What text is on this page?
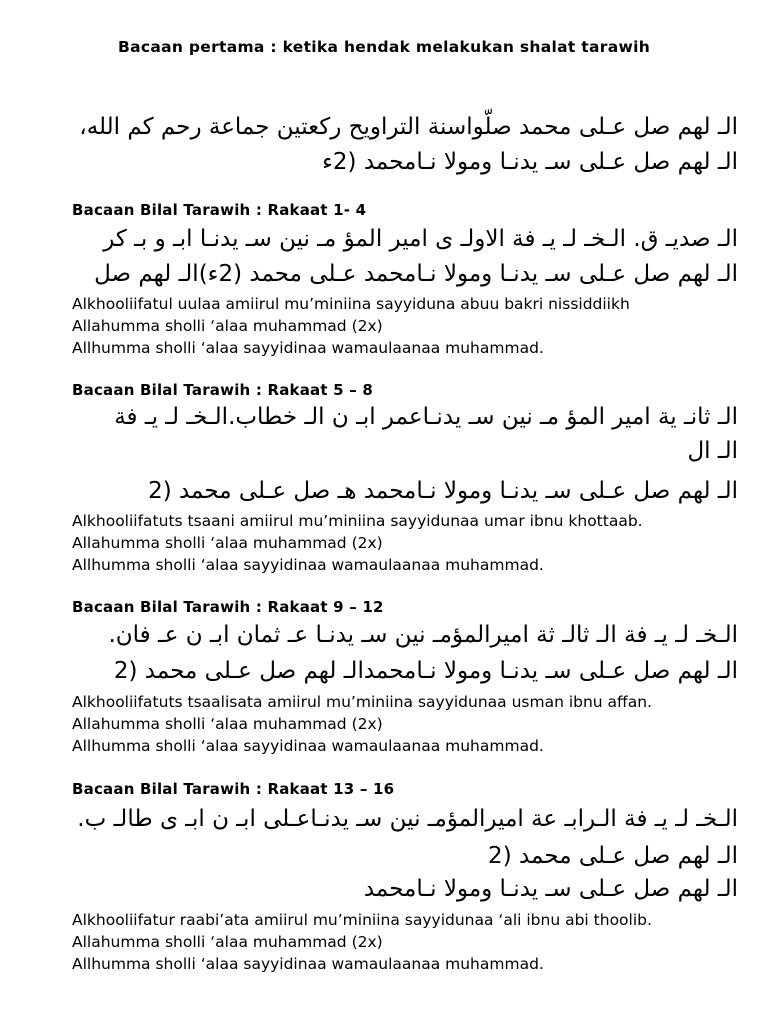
Bacaan pertama : ketika hendak melakukan shalat tarawih
الـ لهم صل عـلى محمد صلّواسنة التراويح ركعتين جماعة رحم كم الله،
الـ لهم صل عـلى سـ يدنـا ومولا نـامحمد (2ء
Bacaan Bilal Tarawih : Rakaat 1- 4
الـ صديـ ق. الـخـ لـ يـ فة الاولـ ى امير المؤ مـ نين سـ يدنـا ابـ و بـ كر
الـ لهم صل عـلى سـ يدنـا ومولا نـامحمد عـلى محمد (2ء)الـ لهم صل
Alkhooliifatul uulaa amiirul mu’miniina sayyiduna abuu bakri nissiddiikh
Allahumma sholli ‘alaa muhammad (2x)
Allhumma sholli ‘alaa sayyidinaa wamaulaanaa muhammad.
Bacaan Bilal Tarawih : Rakaat 5 – 8
الـ ثانـ ية امير المؤ مـ نين سـ يدنـاعمر ابـ ن الـ خطاب.الـخـ لـ يـ فة الـ ال
الـ لهم صل عـلى سـ يدنـا ومولا نـامحمد هـ صل عـلى محمد (2
Alkhooliifatuts tsaani amiirul mu’miniina sayyidunaa umar ibnu khottaab.
Allahumma sholli ‘alaa muhammad (2x)
Allhumma sholli ‘alaa sayyidinaa wamaulaanaa muhammad.
Bacaan Bilal Tarawih : Rakaat 9 – 12
الـخـ لـ يـ فة الـ ثالـ ثة اميرالمؤمـ نين سـ يدنـا عـ ثمان ابـ ن عـ فان.
الـ لهم صل عـلى سـ يدنـا ومولا نـامحمدالـ لهم صل عـلى محمد (2
Alkhooliifatuts tsaalisata amiirul mu’miniina sayyidunaa usman ibnu affan.
Allahumma sholli ‘alaa muhammad (2x)
Allhumma sholli ‘alaa sayyidinaa wamaulaanaa muhammad.
Bacaan Bilal Tarawih : Rakaat 13 – 16
الـخـ لـ يـ فة الـرابـ عة اميرالمؤمـ نين سـ يدنـاعـلى ابـ ن ابـ ى طالـ ب.
الـ لهم صل عـلى محمد (2
الـ لهم صل عـلى سـ يدنـا ومولا نـامحمد
Alkhooliifatur raabi’ata amiirul mu’miniina sayyidunaa ‘ali ibnu abi thoolib.
Allahumma sholli ‘alaa muhammad (2x)
Allhumma sholli ‘alaa sayyidinaa wamaulaanaa muhammad.
